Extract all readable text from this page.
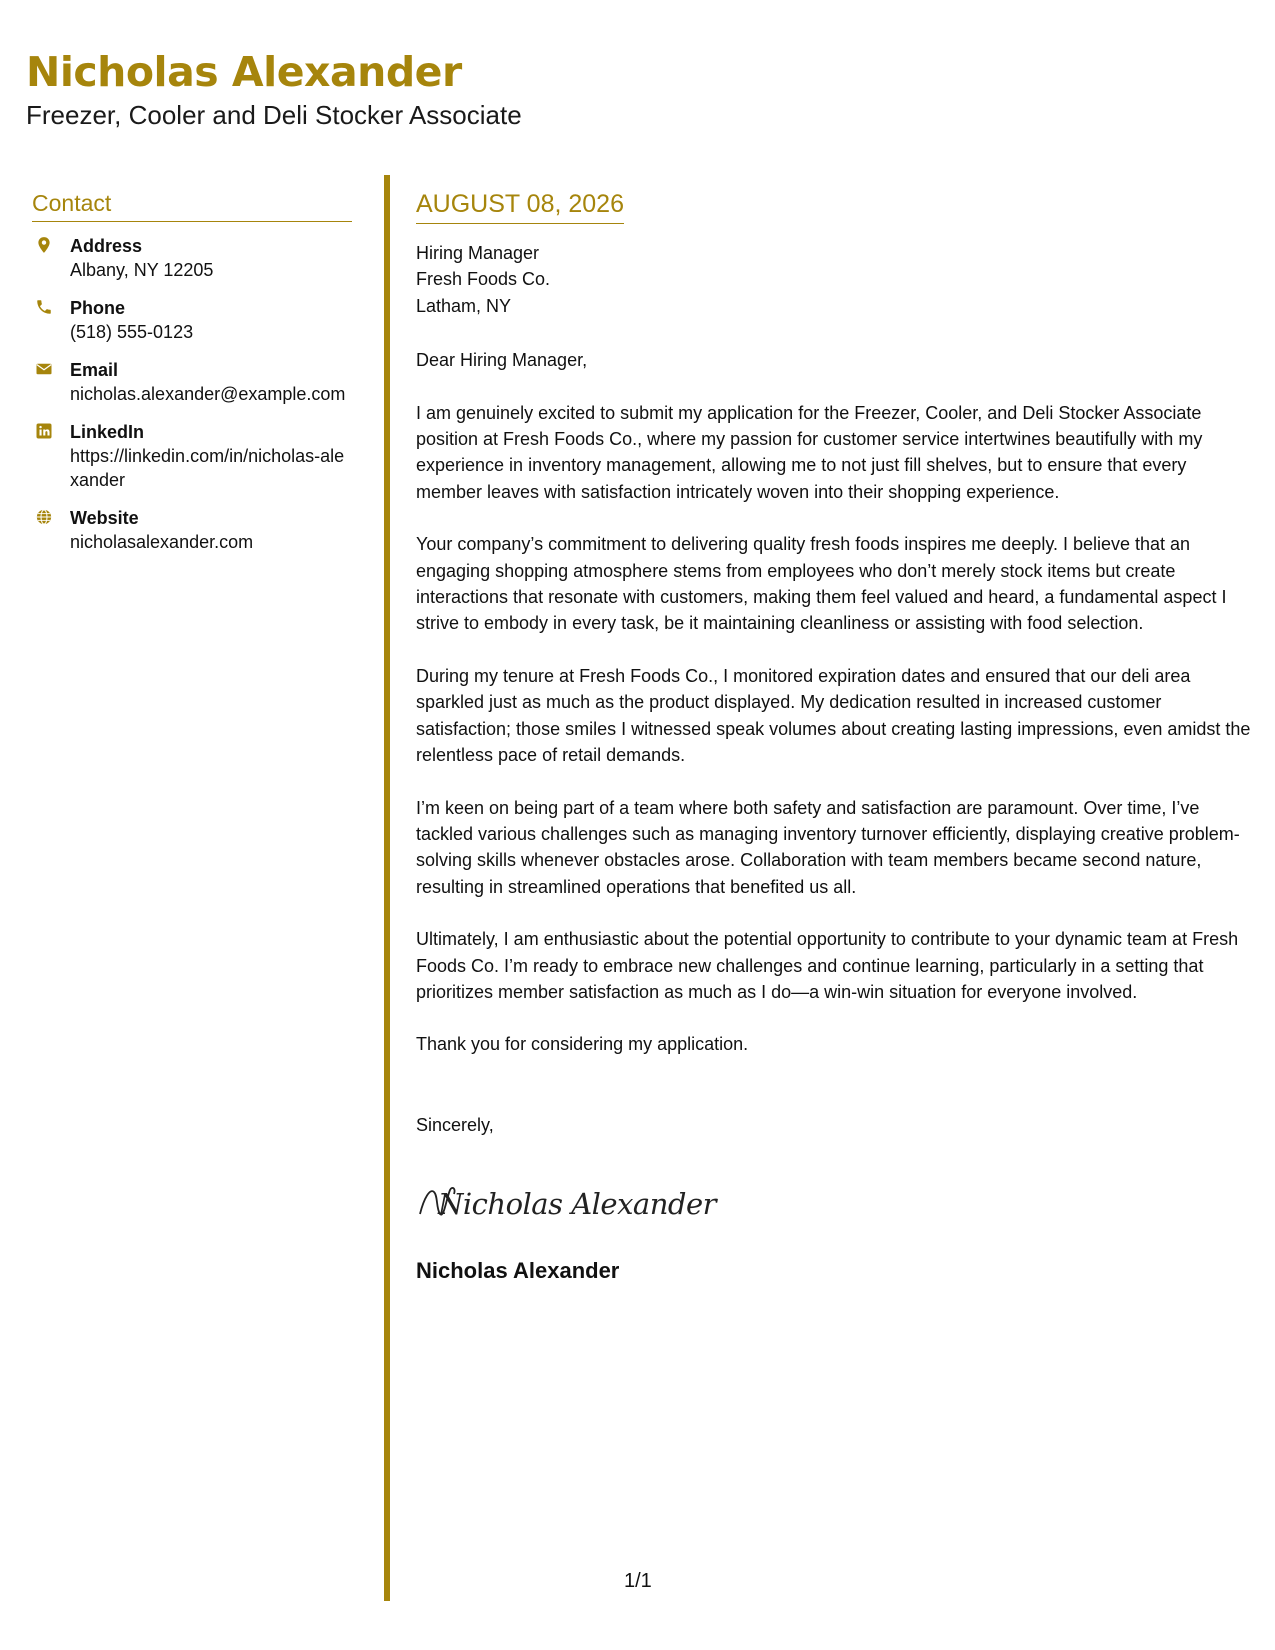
Nicholas Alexander
Freezer, Cooler and Deli Stocker Associate
Contact
Address
Albany, NY 12205
Phone
(518) 555-0123
Email
nicholas.alexander@example.com
LinkedIn
https://linkedin.com/in/nicholas-alexander
Website
nicholasalexander.com
AUGUST 08, 2026
Hiring Manager
Fresh Foods Co.
Latham, NY
Dear Hiring Manager,

I am genuinely excited to submit my application for the Freezer, Cooler, and Deli Stocker Associate position at Fresh Foods Co., where my passion for customer service intertwines beautifully with my experience in inventory management, allowing me to not just fill shelves, but to ensure that every member leaves with satisfaction intricately woven into their shopping experience.

Your company’s commitment to delivering quality fresh foods inspires me deeply. I believe that an engaging shopping atmosphere stems from employees who don’t merely stock items but create interactions that resonate with customers, making them feel valued and heard, a fundamental aspect I strive to embody in every task, be it maintaining cleanliness or assisting with food selection.

During my tenure at Fresh Foods Co., I monitored expiration dates and ensured that our deli area sparkled just as much as the product displayed. My dedication resulted in increased customer satisfaction; those smiles I witnessed speak volumes about creating lasting impressions, even amidst the relentless pace of retail demands.

I’m keen on being part of a team where both safety and satisfaction are paramount. Over time, I’ve tackled various challenges such as managing inventory turnover efficiently, displaying creative problem-solving skills whenever obstacles arose. Collaboration with team members became second nature, resulting in streamlined operations that benefited us all.

Ultimately, I am enthusiastic about the potential opportunity to contribute to your dynamic team at Fresh Foods Co. I’m ready to embrace new challenges and continue learning, particularly in a setting that prioritizes member satisfaction as much as I do—a win-win situation for everyone involved.

Thank you for considering my application.

Sincerely,
Nicholas Alexander
Nicholas Alexander
1/1
